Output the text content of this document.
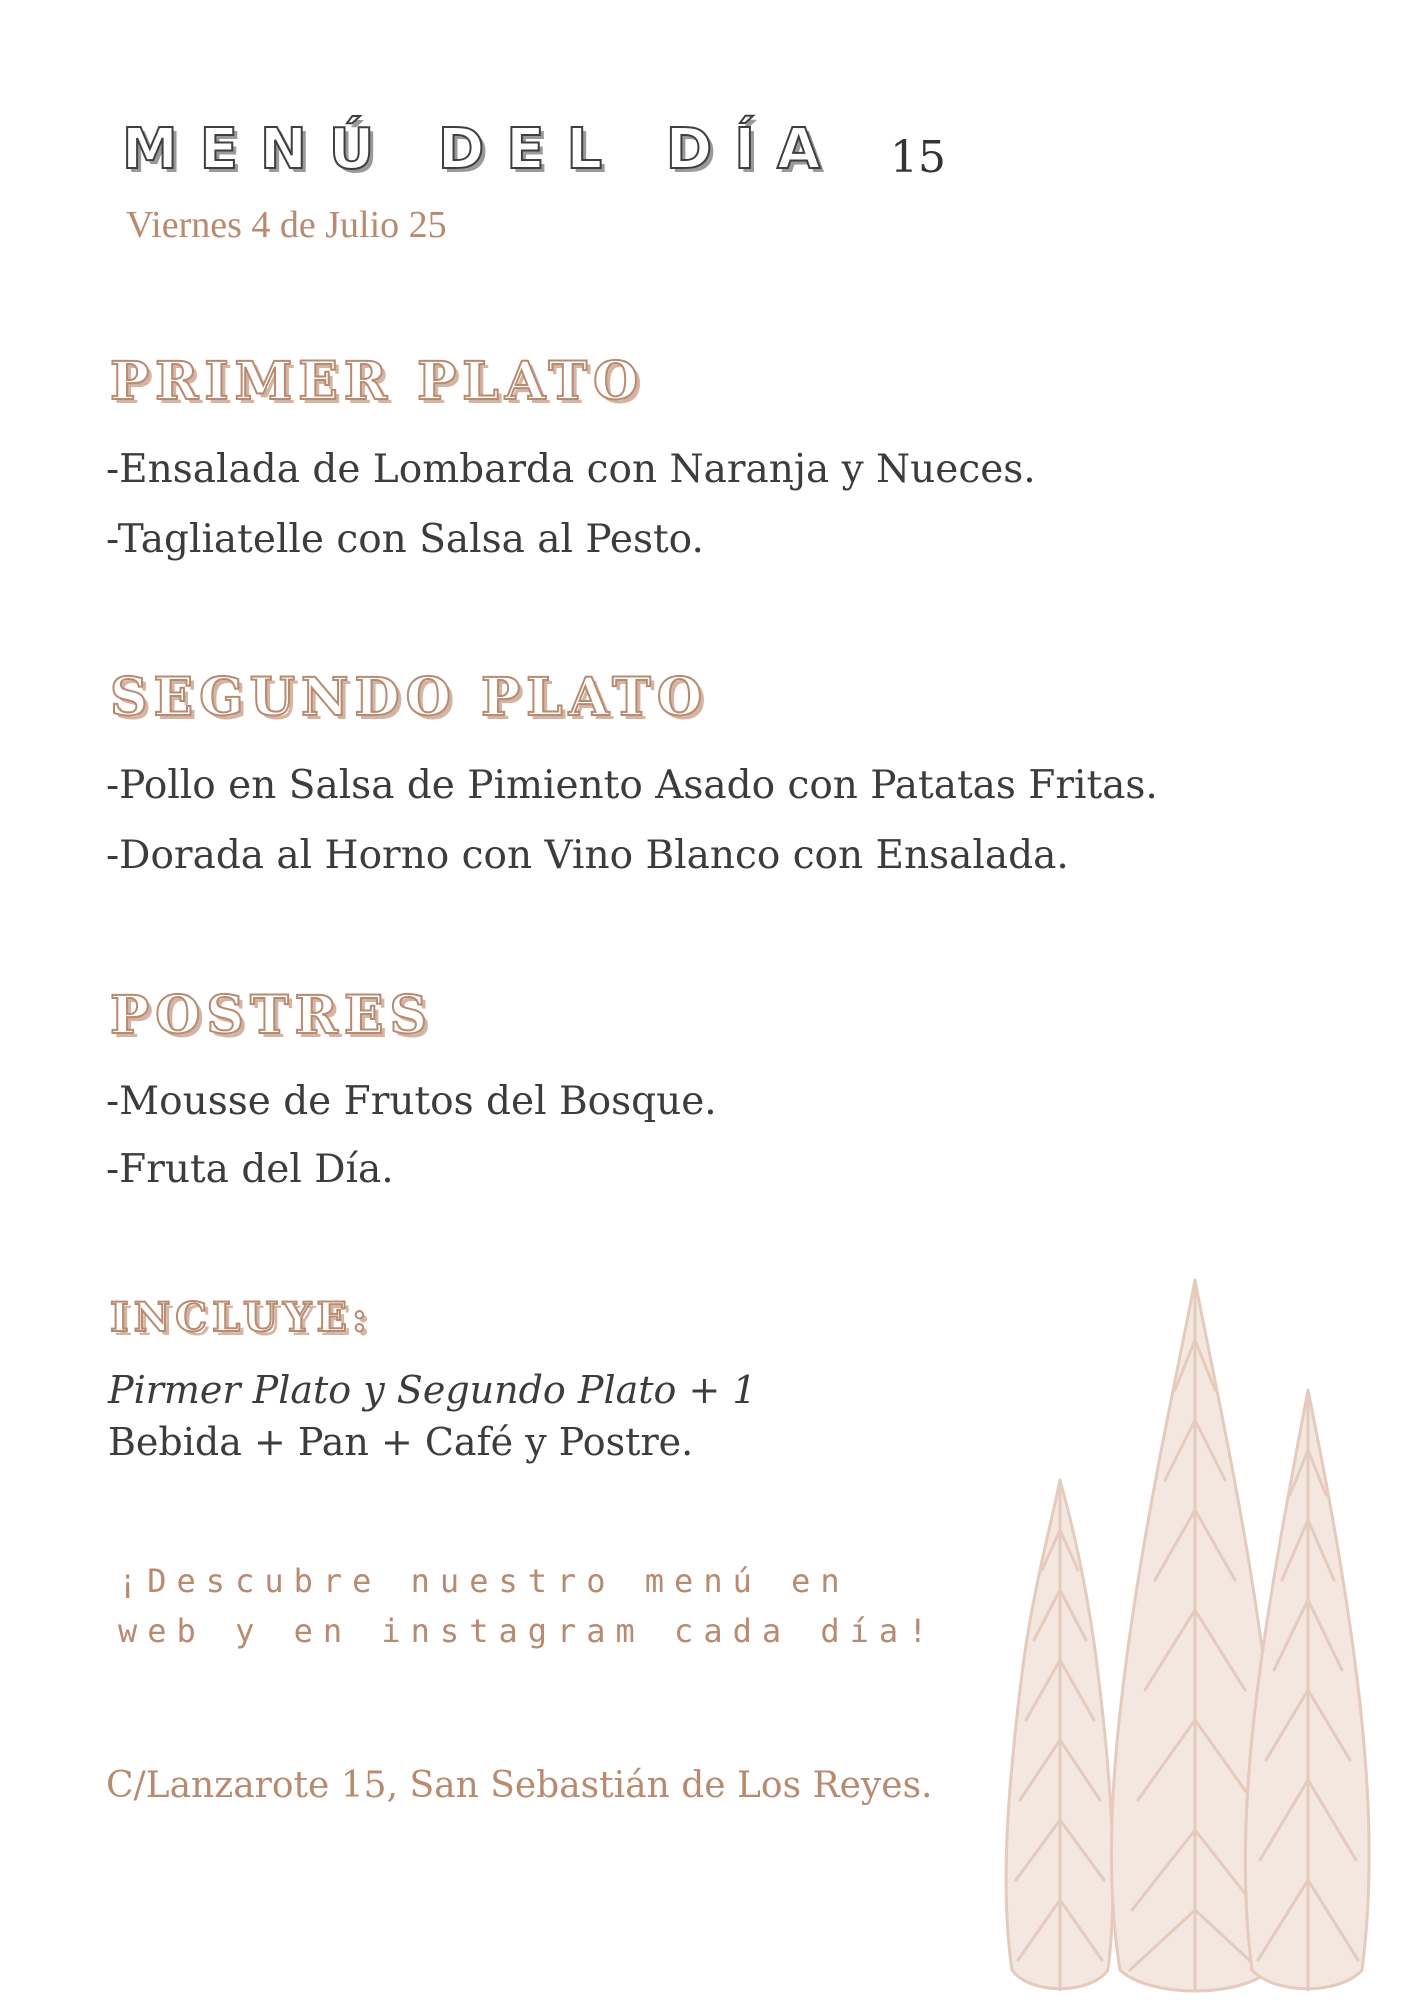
MENÚ DEL DÍA 15
Viernes 4 de Julio 25
PRIMER PLATO
-Ensalada de Lombarda con Naranja y Nueces.
-Tagliatelle con Salsa al Pesto.
SEGUNDO PLATO
-Pollo en Salsa de Pimiento Asado con Patatas Fritas.
-Dorada al Horno con Vino Blanco con Ensalada.
POSTRES
-Mousse de Frutos del Bosque.
-Fruta del Día.
INCLUYE:
Pirmer Plato y Segundo Plato + 1
Bebida + Pan + Café y Postre.
¡Descubre nuestro menú en
web y en instagram cada día!
C/Lanzarote 15, San Sebastián de Los Reyes.
